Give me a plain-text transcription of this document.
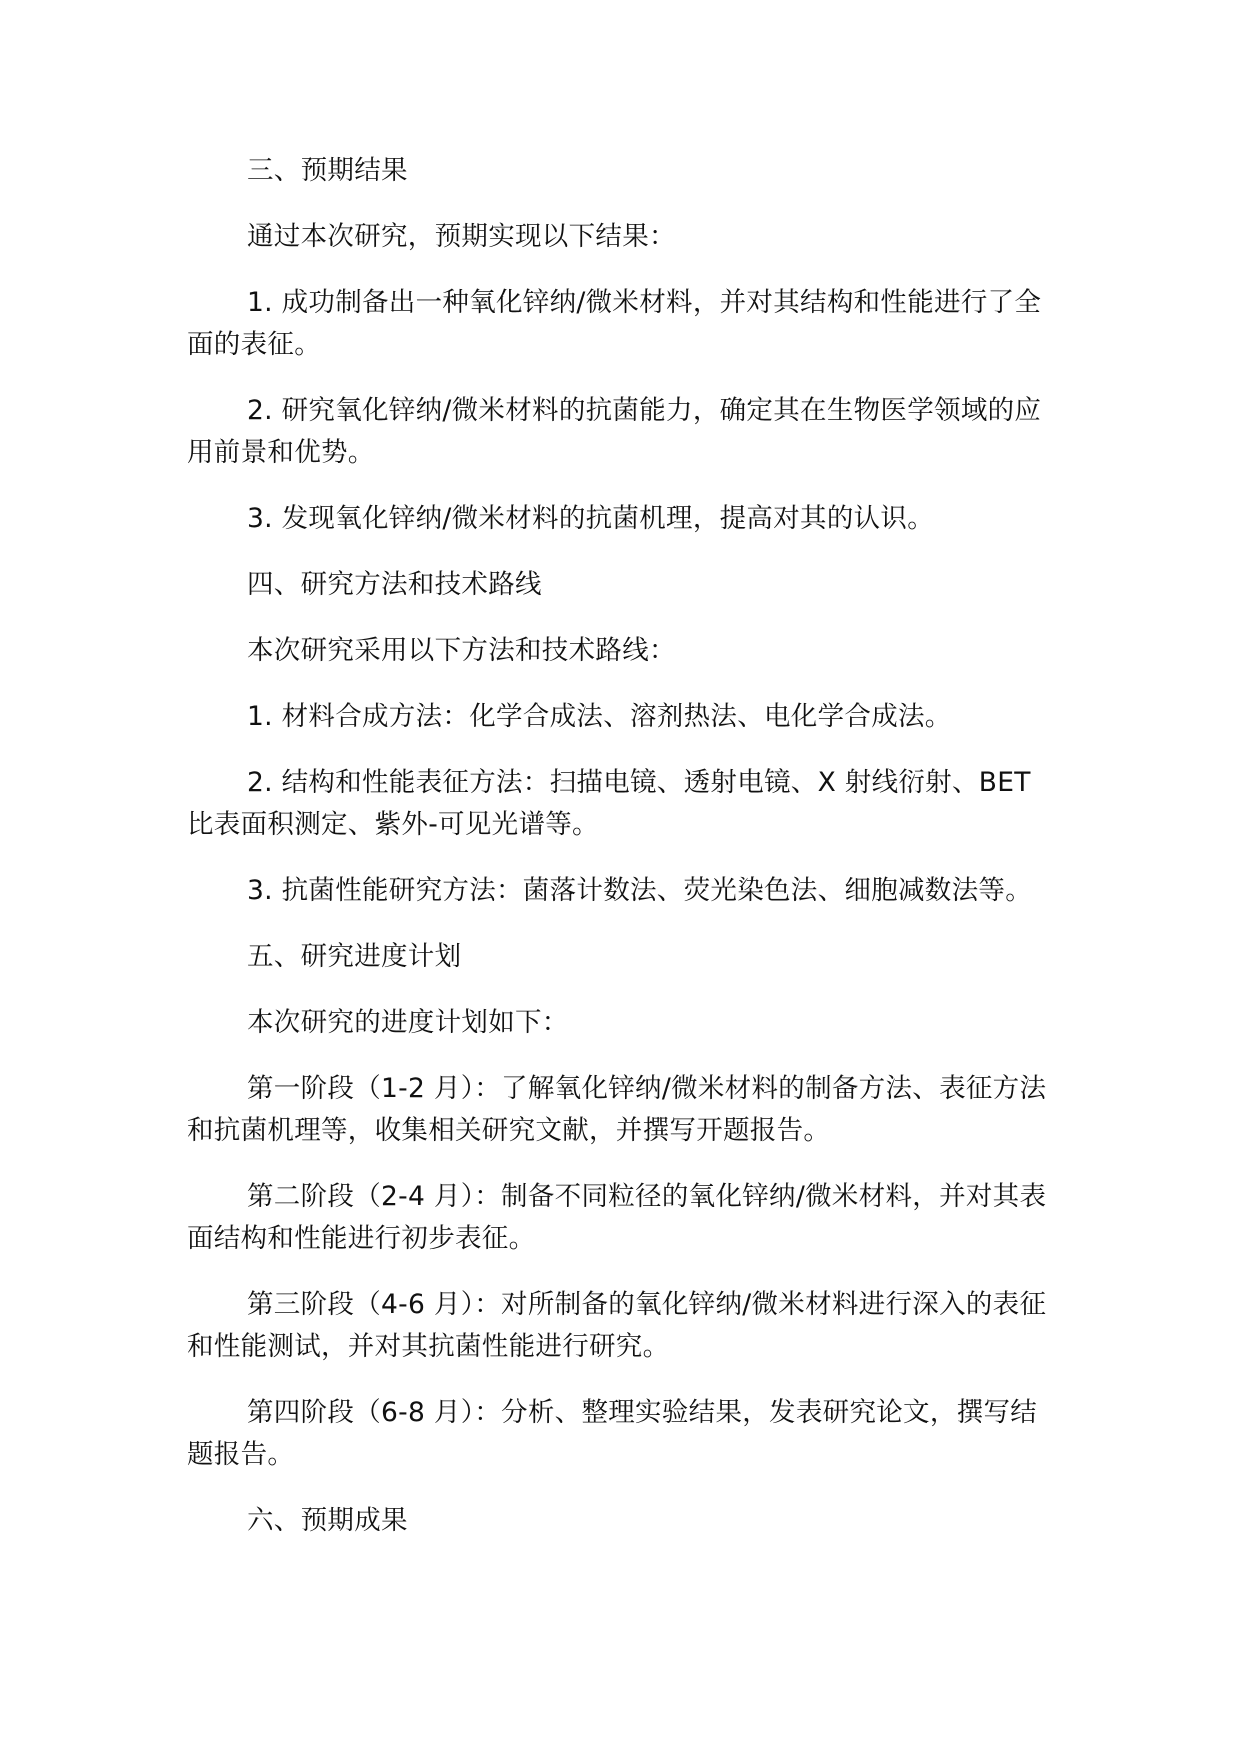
三、预期结果

通过本次研究，预期实现以下结果：

1. 成功制备出一种氧化锌纳/微米材料，并对其结构和性能进行了全面的表征。

2. 研究氧化锌纳/微米材料的抗菌能力，确定其在生物医学领域的应用前景和优势。

3. 发现氧化锌纳/微米材料的抗菌机理，提高对其的认识。

四、研究方法和技术路线

本次研究采用以下方法和技术路线：

1. 材料合成方法：化学合成法、溶剂热法、电化学合成法。

2. 结构和性能表征方法：扫描电镜、透射电镜、X 射线衍射、BET 比表面积测定、紫外-可见光谱等。

3. 抗菌性能研究方法：菌落计数法、荧光染色法、细胞减数法等。

五、研究进度计划

本次研究的进度计划如下：

第一阶段（1-2 月）：了解氧化锌纳/微米材料的制备方法、表征方法和抗菌机理等，收集相关研究文献，并撰写开题报告。

第二阶段（2-4 月）：制备不同粒径的氧化锌纳/微米材料，并对其表面结构和性能进行初步表征。

第三阶段（4-6 月）：对所制备的氧化锌纳/微米材料进行深入的表征和性能测试，并对其抗菌性能进行研究。

第四阶段（6-8 月）：分析、整理实验结果，发表研究论文，撰写结题报告。

六、预期成果
